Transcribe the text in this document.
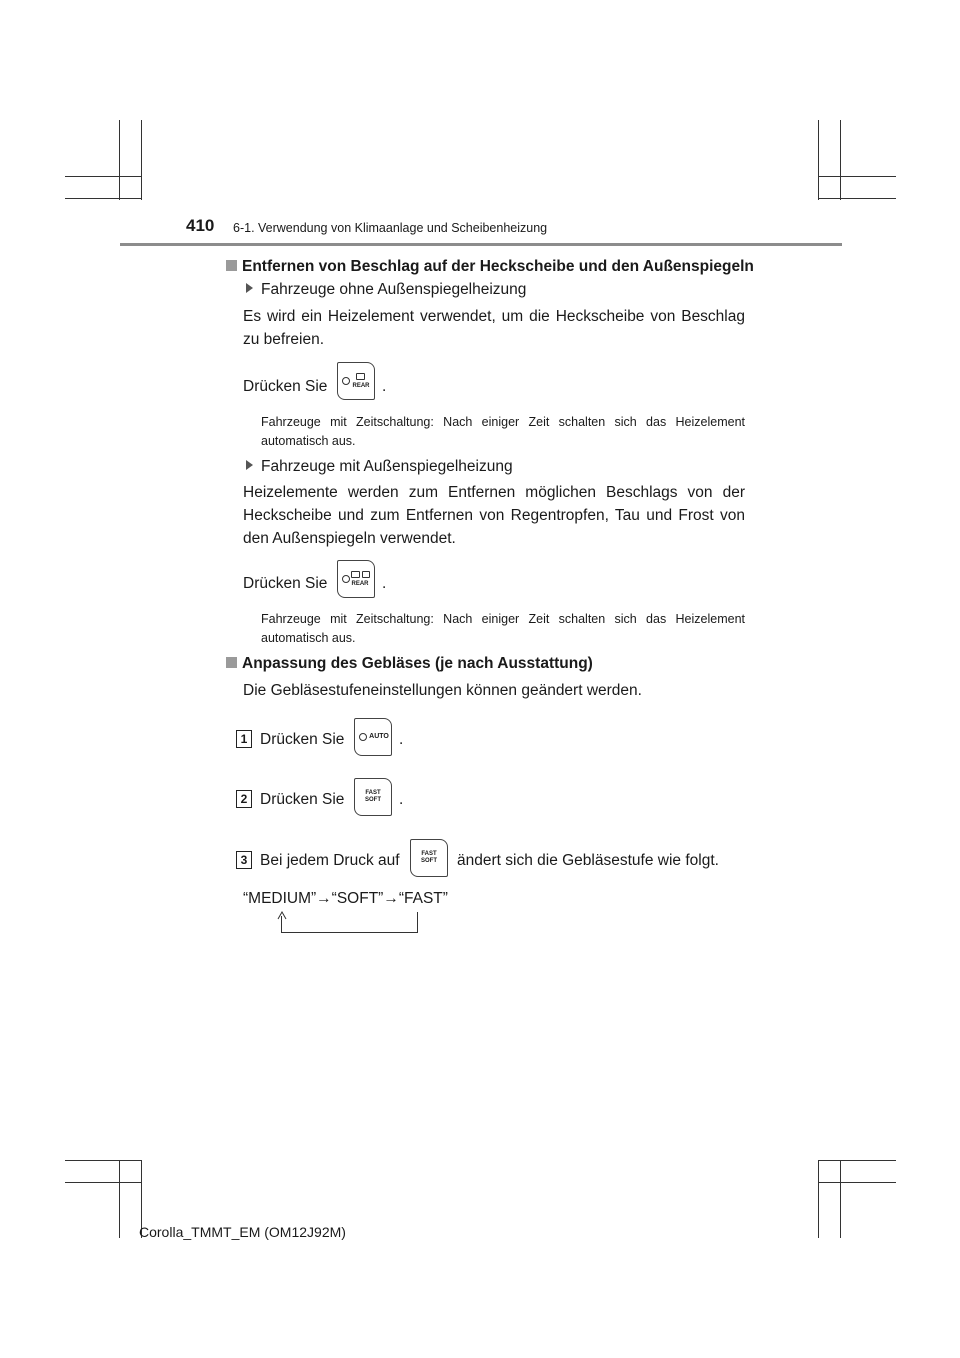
410 6-1. Verwendung von Klimaanlage und Scheibenheizung
Entfernen von Beschlag auf der Heckscheibe und den Außenspiegeln
Fahrzeuge ohne Außenspiegelheizung
Es wird ein Heizelement verwendet, um die Heckscheibe von Beschlag zu befreien.
Drücken Sie	REAR .
Fahrzeuge mit Zeitschaltung: Nach einiger Zeit schalten sich das Heizelement automatisch aus.
Fahrzeuge mit Außenspiegelheizung
Heizelemente werden zum Entfernen möglichen Beschlags von der Heckscheibe und zum Entfernen von Regentropfen, Tau und Frost von den Außenspiegeln verwendet.
Drücken Sie	REAR .
Fahrzeuge mit Zeitschaltung: Nach einiger Zeit schalten sich das Heizelement automatisch aus.
Anpassung des Gebläses (je nach Ausstattung)
Die Gebläsestufeneinstellungen können geändert werden.
1 Drücken Sie	AUTO .
2 Drücken Sie	FAST
SOFT .
3 Bei jedem Druck auf	FAST
SOFT ändert sich die Gebläsestufe wie folgt.
“MEDIUM”→“SOFT”→“FAST”
Corolla_TMMT_EM (OM12J92M)
